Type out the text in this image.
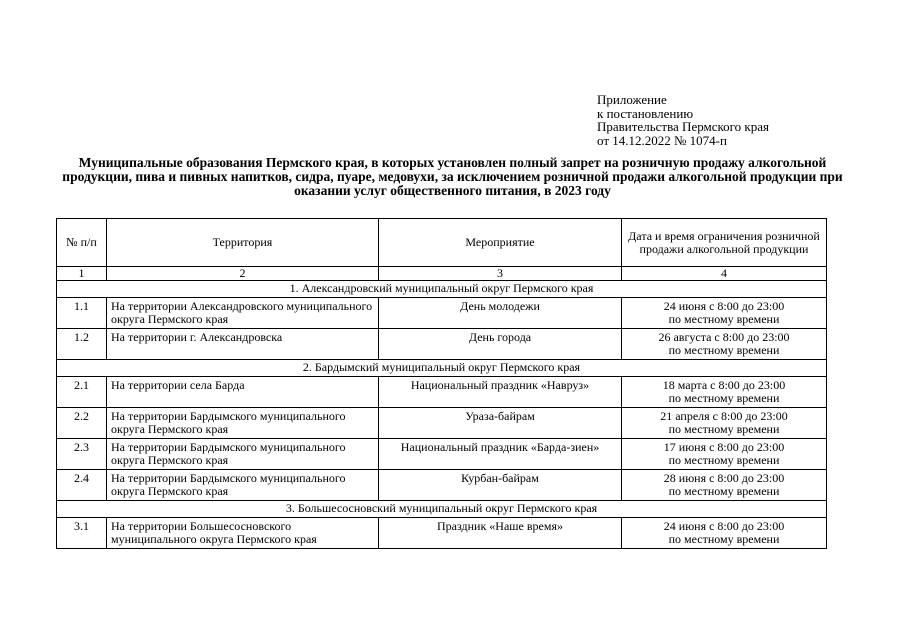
Приложение
к постановлению
Правительства Пермского края
от 14.12.2022 № 1074-п
Муниципальные образования Пермского края, в которых установлен полный запрет на розничную продажу алкогольной продукции, пива и пивных напитков, сидра, пуаре, медовухи, за исключением розничной продажи алкогольной продукции при оказании услуг общественного питания, в 2023 году
№ п/п	Территория	Мероприятие	Дата и время ограничения розничной продажи алкогольной продукции
1	2	3	4
1. Александровский муниципальный округ Пермского края			
1.1	На территории Александровского муниципального округа Пермского края	День молодежи	24 июня с 8:00 до 23:00
по местному времени

1.2	На территории г. Александровска	День города	26 августа с 8:00 до 23:00
по местному времени

2. Бардымский муниципальный округ Пермского края			
2.1	На территории села Барда	Национальный праздник «Навруз»	18 марта с 8:00 до 23:00
по местному времени

2.2	На территории Бардымского муниципального округа Пермского края	Ураза-байрам	21 апреля с 8:00 до 23:00
по местному времени

2.3	На территории Бардымского муниципального округа Пермского края	Национальный праздник «Барда-зиен»	17 июня с 8:00 до 23:00
по местному времени

2.4	На территории Бардымского муниципального округа Пермского края	Курбан-байрам	28 июня с 8:00 до 23:00
по местному времени

3. Большесосновский муниципальный округ Пермского края			
3.1	На территории Большесосновского муниципального округа Пермского края	Праздник «Наше время»	24 июня с 8:00 до 23:00
по местному времени
